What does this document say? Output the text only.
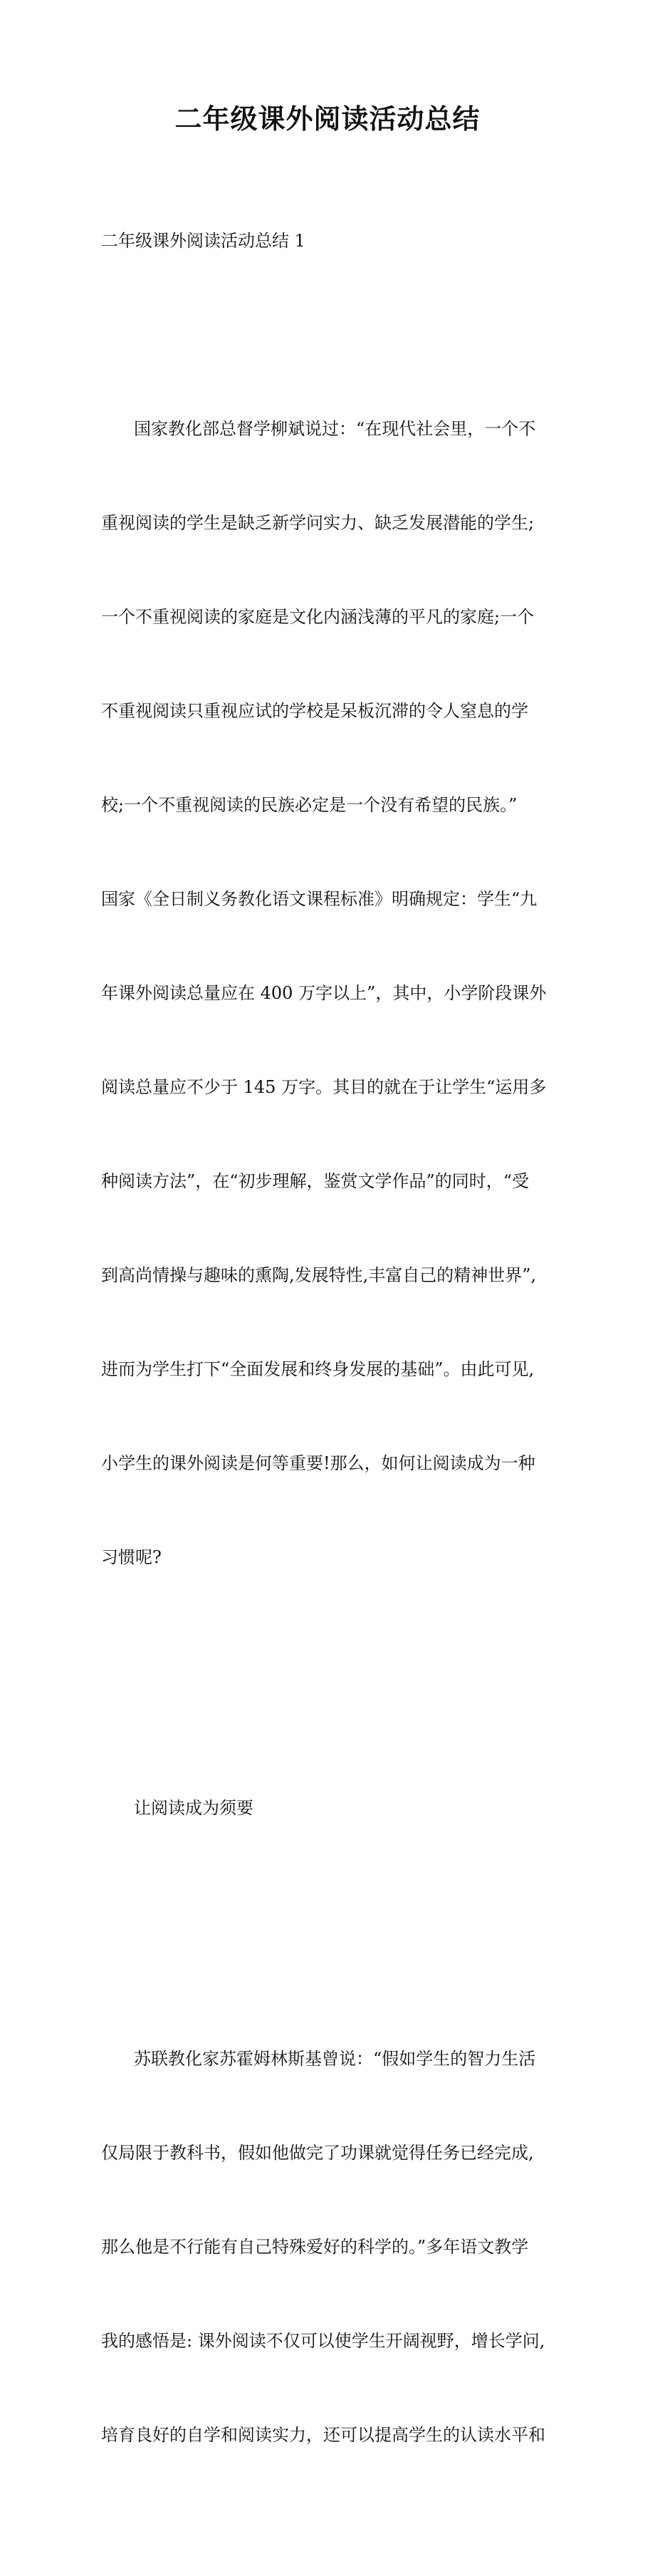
二年级课外阅读活动总结

二年级课外阅读活动总结 1

国家教化部总督学柳斌说过：“在现代社会里，一个不

重视阅读的学生是缺乏新学问实力、缺乏发展潜能的学生;

一个不重视阅读的家庭是文化内涵浅薄的平凡的家庭;一个

不重视阅读只重视应试的学校是呆板沉滞的令人窒息的学

校;一个不重视阅读的民族必定是一个没有希望的民族。”

国家《全日制义务教化语文课程标准》明确规定：学生“九

年课外阅读总量应在 400 万字以上”，其中，小学阶段课外

阅读总量应不少于 145 万字。其目的就在于让学生“运用多

种阅读方法”，在“初步理解，鉴赏文学作品”的同时，“受

到高尚情操与趣味的熏陶,发展特性,丰富自己的精神世界”,

进而为学生打下“全面发展和终身发展的基础”。由此可见,

小学生的课外阅读是何等重要!那么，如何让阅读成为一种

习惯呢?

让阅读成为须要

苏联教化家苏霍姆林斯基曾说：“假如学生的智力生活

仅局限于教科书，假如他做完了功课就觉得任务已经完成,

那么他是不行能有自己特殊爱好的科学的。”多年语文教学

我的感悟是: 课外阅读不仅可以使学生开阔视野，增长学问,

培育良好的自学和阅读实力，还可以提高学生的认读水平和
